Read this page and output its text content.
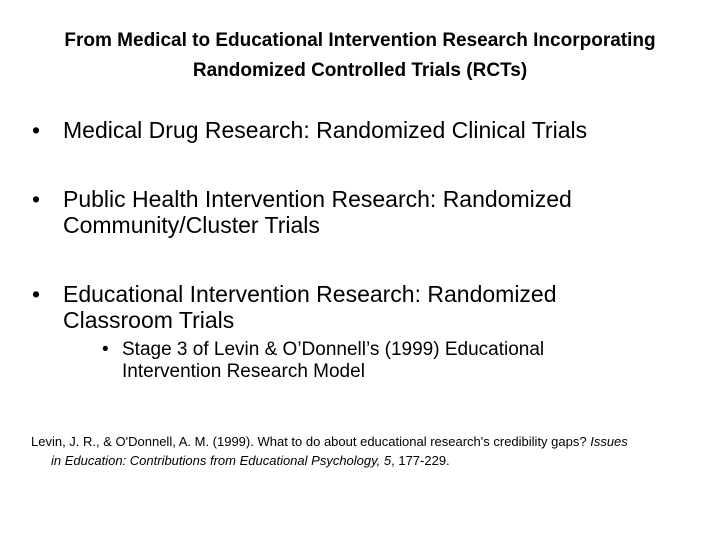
From Medical to Educational Intervention Research Incorporating
Randomized Controlled Trials (RCTs)
• Medical Drug Research: Randomized Clinical Trials
• Public Health Intervention Research: Randomized
Community/Cluster Trials
• Educational Intervention Research: Randomized
Classroom Trials
• Stage 3 of Levin & O’Donnell’s (1999) Educational
Intervention Research Model
Levin, J. R., & O'Donnell, A. M. (1999). What to do about educational research's credibility gaps? Issues
in Education: Contributions from Educational Psychology, 5, 177-229.
